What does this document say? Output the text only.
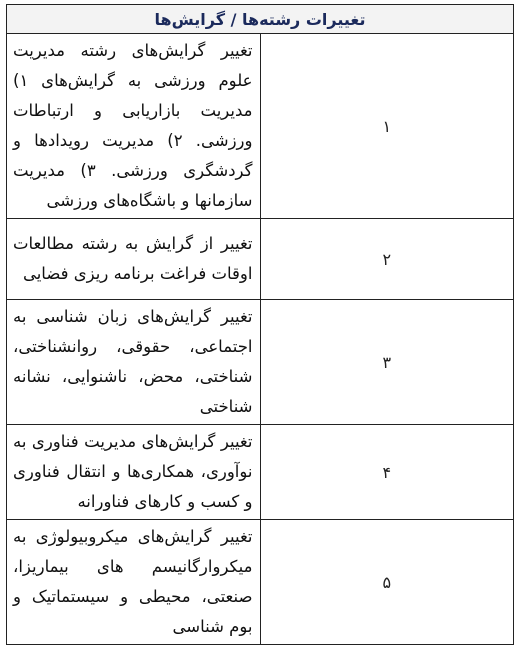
تغییرات رشته‌ها / گرایش‌ها	
۱	تغییر گرایش‌های رشته مدیریت علوم ورزشی به گرایش‌های ۱) مدیریت بازاریابی و ارتباطات ورزشی. ۲) مدیریت رویدادها و گردشگری ورزشی. ۳) مدیریت سازمانها و باشگاه‌های ورزشی
۲	تغییر از گرایش به رشته مطالعات اوقات فراغت برنامه ریزی فضایی
۳	تغییر گرایش‌های زبان شناسی به اجتماعی، حقوقی، روانشناختی، شناختی، محض، ناشنوایی، نشانه شناختی
۴	تغییر گرایش‌های مدیریت فناوری به نوآوری، همکاری‌ها و انتقال فناوری و کسب و کارهای فناورانه
۵	تغییر گرایش‌های میکروبیولوژی به میکروارگانیسم های بیماریزا، صنعتی، محیطی و سیستماتیک و بوم شناسی
